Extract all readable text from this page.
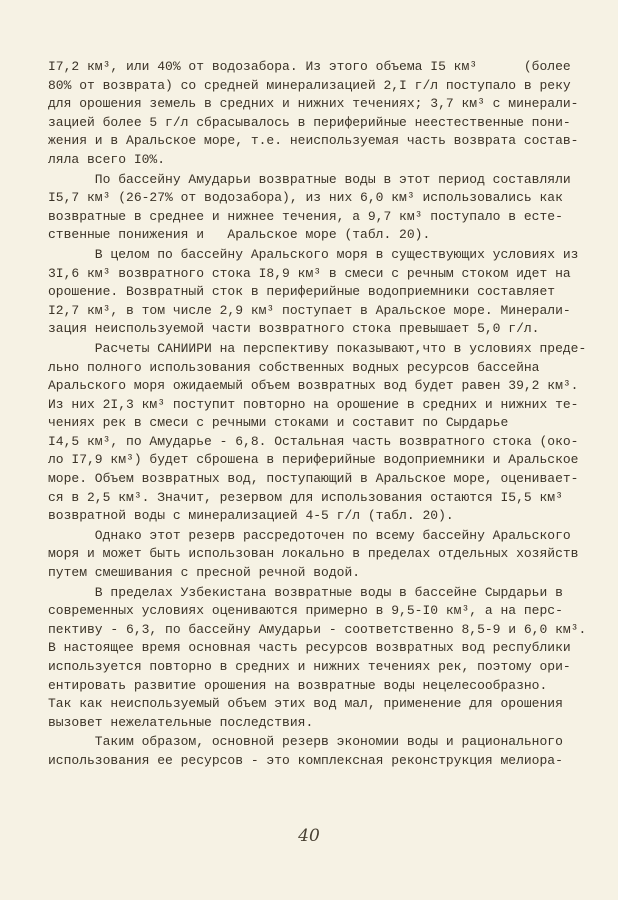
I7,2 км³, или 40% от водозабора. Из этого объема I5 км³      (более
80% от возврата) со средней минерализацией 2,I г/л поступало в реку
для орошения земель в средних и нижних течениях; 3,7 км³ с минерали-
зацией более 5 г/л сбрасывалось в периферийные неестественные пони-
жения и в Аральское море, т.е. неиспользуемая часть возврата состав-
ляла всего I0%.
По бассейну Амударьи возвратные воды в этот период составляли
I5,7 км³ (26-27% от водозабора), из них 6,0 км³ использовались как
возвратные в среднее и нижнее течения, а 9,7 км³ поступало в есте-
ственные понижения и   Аральское море (табл. 20).
В целом по бассейну Аральского моря в существующих условиях из
3I,6 км³ возвратного стока I8,9 км³ в смеси с речным стоком идет на
орошение. Возвратный сток в периферийные водоприемники составляет
I2,7 км³, в том числе 2,9 км³ поступает в Аральское море. Минерали-
зация неиспользуемой части возвратного стока превышает 5,0 г/л.
Расчеты САНИИРИ на перспективу показывают,что в условиях преде-
льно полного использования собственных водных ресурсов бассейна
Аральского моря ожидаемый объем возвратных вод будет равен 39,2 км³.
Из них 2I,3 км³ поступит повторно на орошение в средних и нижних те-
чениях рек в смеси с речными стоками и составит по Сырдарье
I4,5 км³, по Амударье - 6,8. Остальная часть возвратного стока (око-
ло I7,9 км³) будет сброшена в периферийные водоприемники и Аральское
море. Объем возвратных вод, поступающий в Аральское море, оценивает-
ся в 2,5 км³. Значит, резервом для использования остаются I5,5 км³
возвратной воды с минерализацией 4-5 г/л (табл. 20).
Однако этот резерв рассредоточен по всему бассейну Аральского
моря и может быть использован локально в пределах отдельных хозяйств
путем смешивания с пресной речной водой.
В пределах Узбекистана возвратные воды в бассейне Сырдарьи в
современных условиях оцениваются примерно в 9,5-I0 км³, а на перс-
пективу - 6,3, по бассейну Амударьи - соответственно 8,5-9 и 6,0 км³.
В настоящее время основная часть ресурсов возвратных вод республики
используется повторно в средних и нижних течениях рек, поэтому ори-
ентировать развитие орошения на возвратные воды нецелесообразно.
Так как неиспользуемый объем этих вод мал, применение для орошения
вызовет нежелательные последствия.
Таким образом, основной резерв экономии воды и рационального
использования ее ресурсов - это комплексная реконструкция мелиора-
40
